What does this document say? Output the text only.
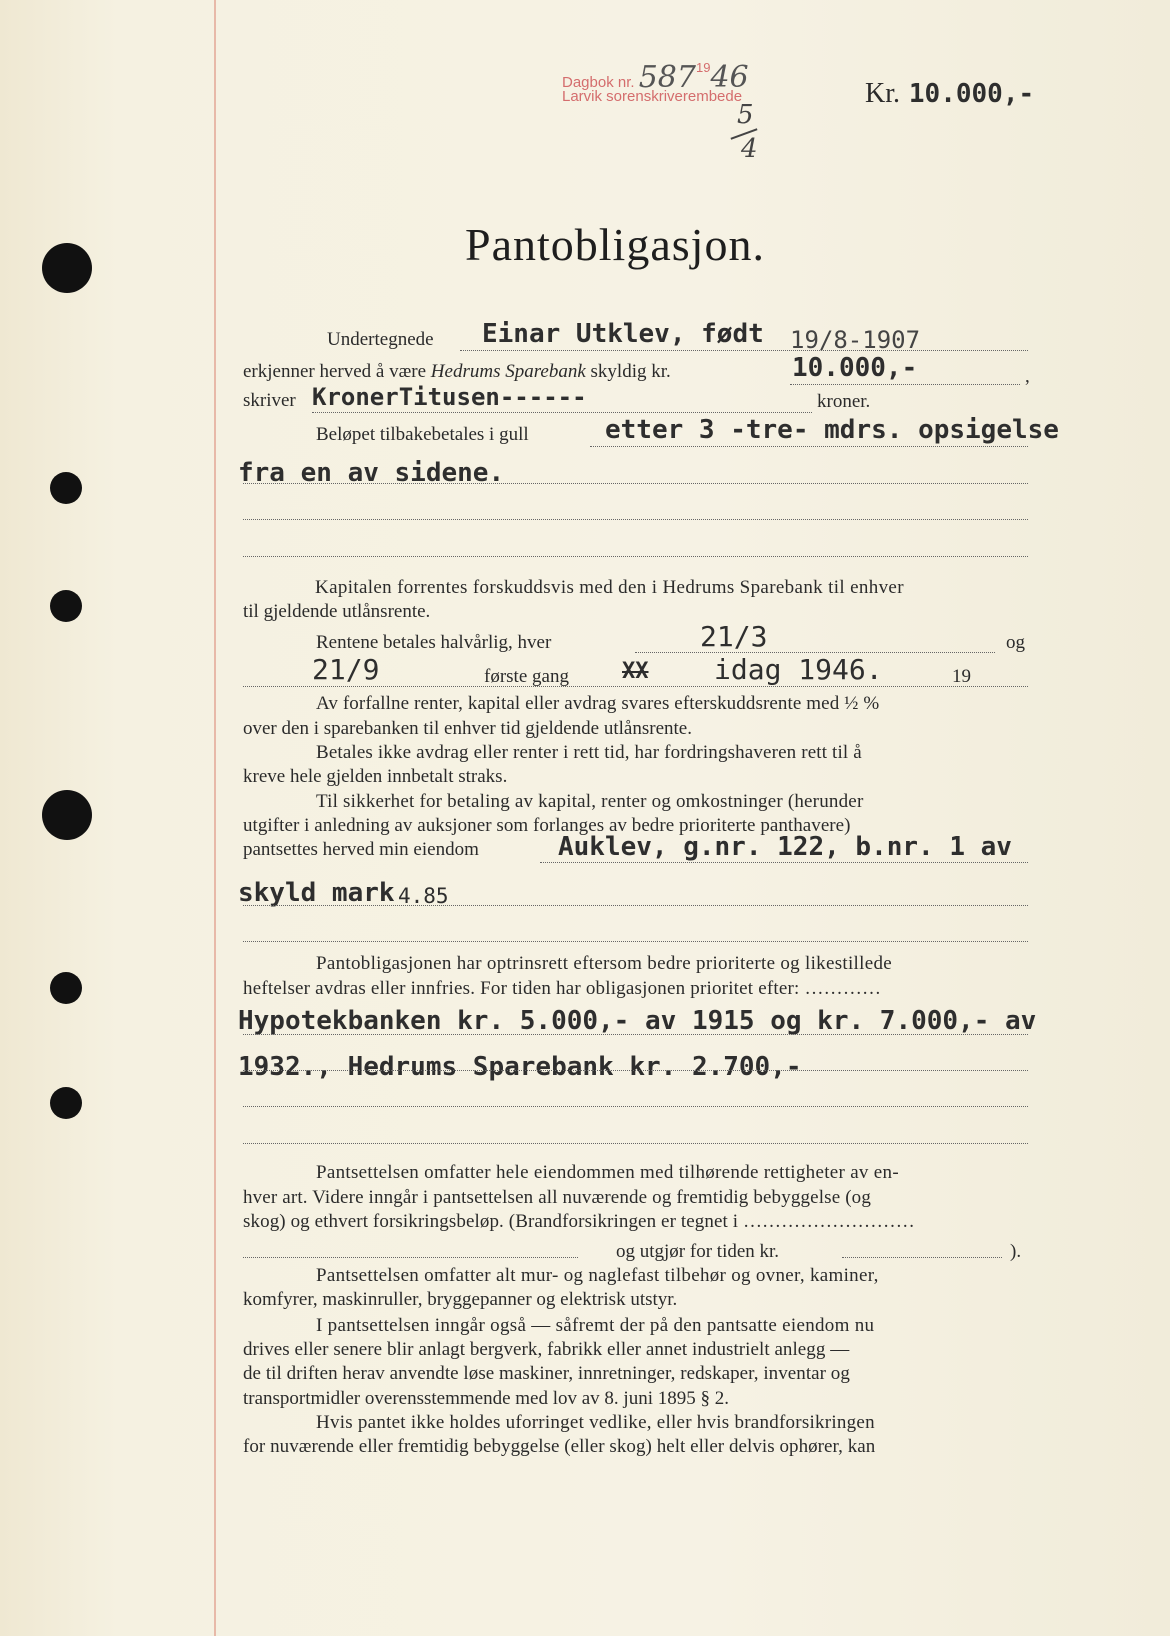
Dagbok nr. 5871946
Larvik sorenskriverembede
5
4
Kr. 10.000,-
Pantobligasjon.
Undertegnede Einar Utklev, født 19/8-1907
erkjenner herved å være Hedrums Sparebank skyldig kr.	10.000,-	,
skriver KronerTitusen------	kroner.
Beløpet tilbakebetales i gull	etter 3 -tre- mdrs. opsigelse
fra en av sidene.
Kapitalen forrentes forskuddsvis med den i Hedrums Sparebank til enhver
til gjeldende utlånsrente.
Rentene betales halvårlig, hver	21/3	og
21/9	første gang XX idag 1946.	19
Av forfallne renter, kapital eller avdrag svares efterskuddsrente med ½ %
over den i sparebanken til enhver tid gjeldende utlånsrente.
Betales ikke avdrag eller renter i rett tid, har fordringshaveren rett til å
kreve hele gjelden innbetalt straks.
Til sikkerhet for betaling av kapital, renter og omkostninger (herunder
utgifter i anledning av auksjoner som forlanges av bedre prioriterte panthavere)
pantsettes herved min eiendom	Auklev, g.nr. 122, b.nr. 1 av
skyld mark 4.85
Pantobligasjonen har optrinsrett eftersom bedre prioriterte og likestillede
heftelser avdras eller innfries. For tiden har obligasjonen prioritet efter: …………
Hypotekbanken kr. 5.000,- av 1915 og kr. 7.000,- av
1932., Hedrums Sparebank kr. 2.700,-
Pantsettelsen omfatter hele eiendommen med tilhørende rettigheter av en-
hver art. Videre inngår i pantsettelsen all nuværende og fremtidig bebyggelse (og
skog) og ethvert forsikringsbeløp. (Brandforsikringen er tegnet i ………………………
og utgjør for tiden kr.	).
Pantsettelsen omfatter alt mur- og naglefast tilbehør og ovner, kaminer,
komfyrer, maskinruller, bryggepanner og elektrisk utstyr.
I pantsettelsen inngår også — såfremt der på den pantsatte eiendom nu
drives eller senere blir anlagt bergverk, fabrikk eller annet industrielt anlegg —
de til driften herav anvendte løse maskiner, innretninger, redskaper, inventar og
transportmidler overensstemmende med lov av 8. juni 1895 § 2.
Hvis pantet ikke holdes uforringet vedlike, eller hvis brandforsikringen
for nuværende eller fremtidig bebyggelse (eller skog) helt eller delvis ophører, kan
